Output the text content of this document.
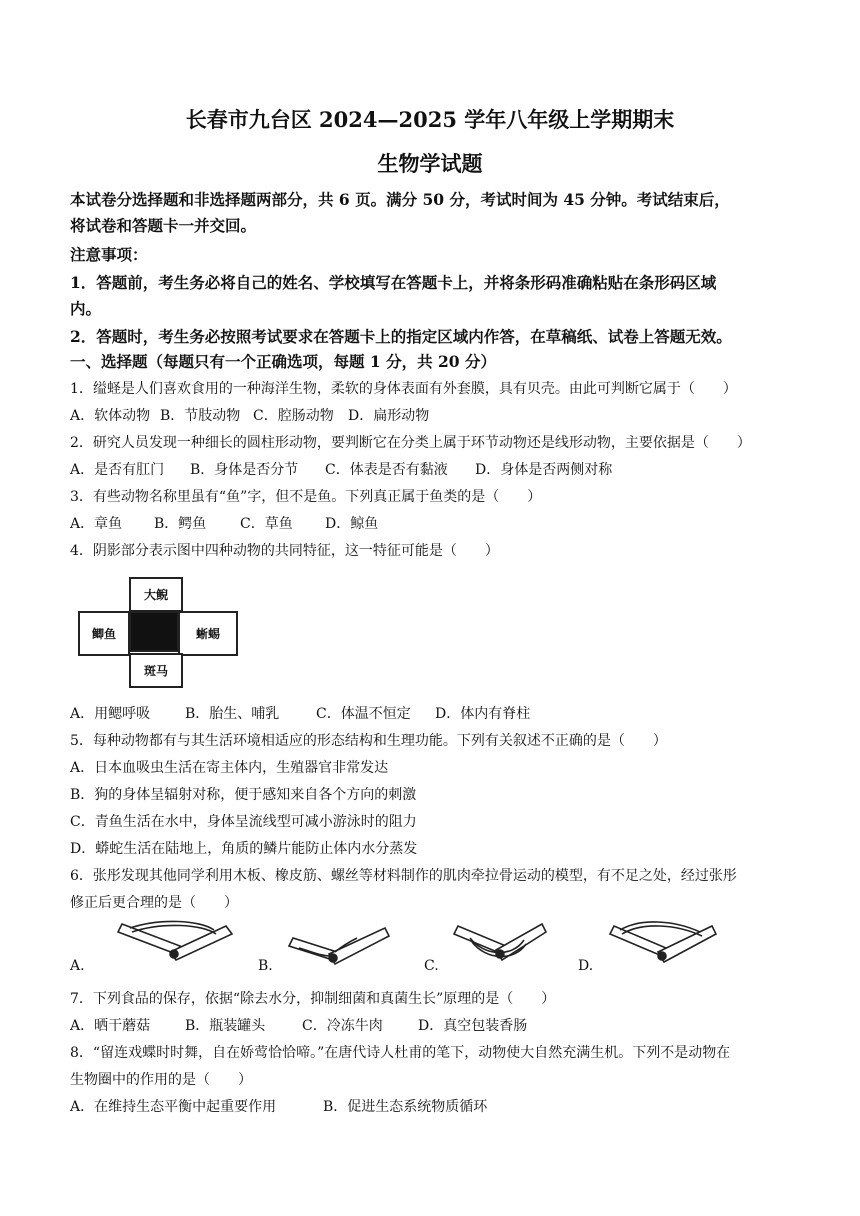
长春市九台区 2024—2025 学年八年级上学期期末
生物学试题
本试卷分选择题和非选择题两部分，共 6 页。满分 50 分，考试时间为 45 分钟。考试结束后，
将试卷和答题卡一并交回。
注意事项：
1．答题前，考生务必将自己的姓名、学校填写在答题卡上，并将条形码准确粘贴在条形码区域
内。
2．答题时，考生务必按照考试要求在答题卡上的指定区域内作答，在草稿纸、试卷上答题无效。
一、选择题（每题只有一个正确选项，每题 1 分，共 20 分）
1．缢蛏是人们喜欢食用的一种海洋生物，柔软的身体表面有外套膜，具有贝壳。由此可判断它属于（　　）
A．软体动物 B．节肢动物 C．腔肠动物 D．扁形动物
2．研究人员发现一种细长的圆柱形动物，要判断它在分类上属于环节动物还是线形动物，主要依据是（　　）
A．是否有肛门 B．身体是否分节 C．体表是否有黏液 D．身体是否两侧对称
3．有些动物名称里虽有“鱼”字，但不是鱼。下列真正属于鱼类的是（　　）
A．章鱼 B．鳄鱼 C．草鱼 D．鲸鱼
4．阴影部分表示图中四种动物的共同特征，这一特征可能是（　　）
大鲵
鲫鱼	蜥蜴
斑马
A．用鳃呼吸 B．胎生、哺乳	C．体温不恒定 D．体内有脊柱
5．每种动物都有与其生活环境相适应的形态结构和生理功能。下列有关叙述不正确的是（　　）
A．日本血吸虫生活在寄主体内，生殖器官非常发达
B．狗的身体呈辐射对称，便于感知来自各个方向的刺激
C．青鱼生活在水中，身体呈流线型可减小游泳时的阻力
D．蟒蛇生活在陆地上，角质的鳞片能防止体内水分蒸发
6．张彤发现其他同学利用木板、橡皮筋、螺丝等材料制作的肌肉牵拉骨运动的模型，有不足之处，经过张彤
修正后更合理的是（　　）
A.	B.	C.	D.
7．下列食品的保存，依据“除去水分，抑制细菌和真菌生长”原理的是（　　）
A．晒干蘑菇 B．瓶装罐头	C．冷冻牛肉	D．真空包装香肠
8．“留连戏蝶时时舞，自在娇莺恰恰啼。”在唐代诗人杜甫的笔下，动物使大自然充满生机。下列不是动物在
生物圈中的作用的是（　　）
A．在维持生态平衡中起重要作用	B．促进生态系统物质循环
